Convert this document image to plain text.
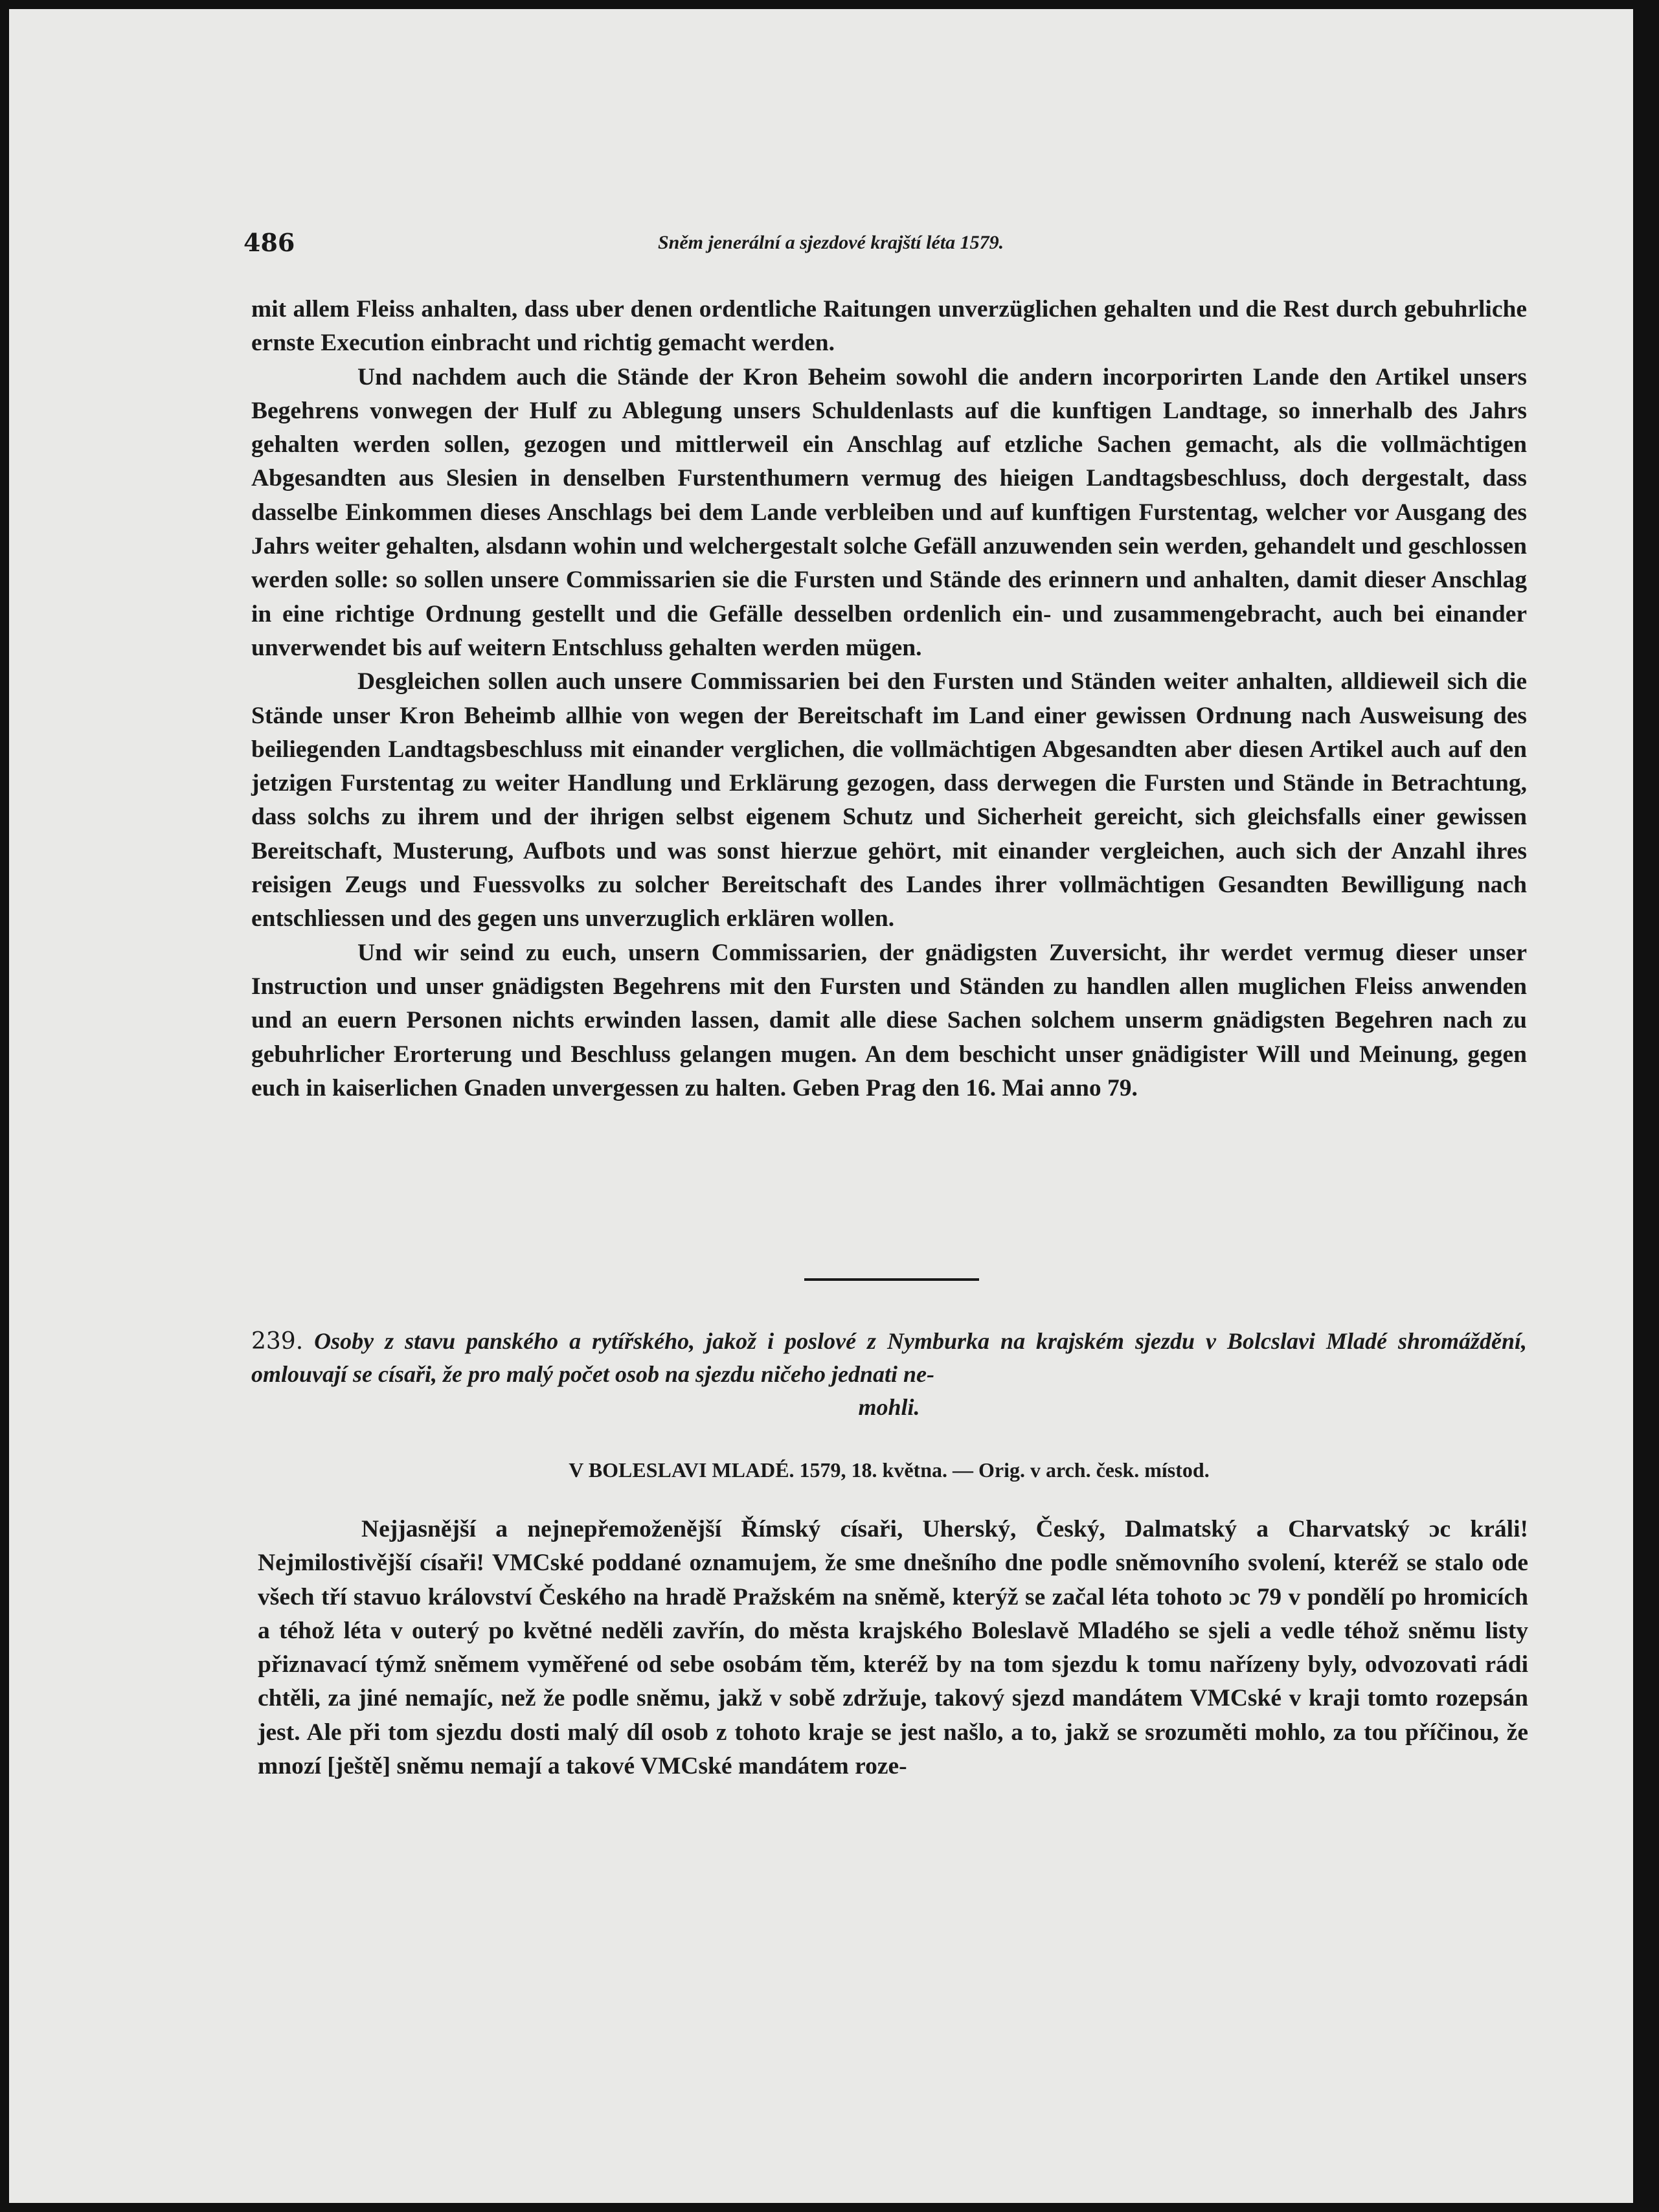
486	Sněm jenerální a sjezdové krajští léta 1579.

mit allem Fleiss anhalten, dass uber denen ordentliche Raitungen unverzüglichen gehalten und die Rest durch gebuhrliche ernste Execution einbracht und richtig gemacht werden.

Und nachdem auch die Stände der Kron Beheim sowohl die andern incorporirten Lande den Artikel unsers Begehrens vonwegen der Hulf zu Ablegung unsers Schuldenlasts auf die kunftigen Landtage, so innerhalb des Jahrs gehalten werden sollen, gezogen und mittlerweil ein Anschlag auf etzliche Sachen gemacht, als die vollmächtigen Abgesandten aus Slesien in denselben Furstenthumern vermug des hieigen Landtagsbeschluss, doch dergestalt, dass dasselbe Einkommen dieses Anschlags bei dem Lande verbleiben und auf kunftigen Furstentag, welcher vor Ausgang des Jahrs weiter gehalten, alsdann wohin und welchergestalt solche Gefäll anzuwenden sein werden, gehandelt und geschlossen werden solle: so sollen unsere Commissarien sie die Fursten und Stände des erinnern und anhalten, damit dieser Anschlag in eine richtige Ordnung gestellt und die Gefälle desselben ordenlich ein- und zusammengebracht, auch bei einander unverwendet bis auf weitern Entschluss gehalten werden mügen.

Desgleichen sollen auch unsere Commissarien bei den Fursten und Ständen weiter anhalten, alldieweil sich die Stände unser Kron Beheimb allhie von wegen der Bereitschaft im Land einer gewissen Ordnung nach Ausweisung des beiliegenden Landtagsbeschluss mit einander verglichen, die vollmächtigen Abgesandten aber diesen Artikel auch auf den jetzigen Furstentag zu weiter Handlung und Erklärung gezogen, dass derwegen die Fursten und Stände in Betrachtung, dass solchs zu ihrem und der ihrigen selbst eigenem Schutz und Sicherheit gereicht, sich gleichsfalls einer gewissen Bereitschaft, Musterung, Aufbots und was sonst hierzue gehört, mit einander vergleichen, auch sich der Anzahl ihres reisigen Zeugs und Fuessvolks zu solcher Bereitschaft des Landes ihrer vollmächtigen Gesandten Bewilligung nach entschliessen und des gegen uns unverzuglich erklären wollen.

Und wir seind zu euch, unsern Commissarien, der gnädigsten Zuversicht, ihr werdet vermug dieser unser Instruction und unser gnädigsten Begehrens mit den Fursten und Ständen zu handlen allen muglichen Fleiss anwenden und an euern Personen nichts erwinden lassen, damit alle diese Sachen solchem unserm gnädigsten Begehren nach zu gebuhrlicher Erorterung und Beschluss gelangen mugen. An dem beschicht unser gnädigister Will und Meinung, gegen euch in kaiserlichen Gnaden unvergessen zu halten. Geben Prag den 16. Mai anno 79.

239. Osoby z stavu panského a rytířského, jakož i poslové z Nymburka na krajském sjezdu v Bolcslavi Mladé shromáždění, omlouvají se císaři, že pro malý počet osob na sjezdu ničeho jednati ne-
mohli.
V BOLESLAVI MLADÉ. 1579, 18. května. — Orig. v arch. česk. místod.

Nejjasnější a nejnepřemoženější Římský císaři, Uherský, Český, Dalmatský a Charvatský ɔc králi! Nejmilostivější císaři! VMCské poddané oznamujem, že sme dnešního dne podle sněmovního svolení, kteréž se stalo ode všech tří stavuo království Českého na hradě Pražském na sněmě, kterýž se začal léta tohoto ɔc 79 v pondělí po hromicích a téhož léta v outerý po květné neděli zavřín, do města krajského Boleslavě Mladého se sjeli a vedle téhož sněmu listy přiznavací týmž sněmem vyměřené od sebe osobám těm, kteréž by na tom sjezdu k tomu nařízeny byly, odvozovati rádi chtěli, za jiné nemajíc, než že podle sněmu, jakž v sobě zdržuje, takový sjezd mandátem VMCské v kraji tomto rozepsán jest. Ale při tom sjezdu dosti malý díl osob z tohoto kraje se jest našlo, a to, jakž se srozuměti mohlo, za tou příčinou, že mnozí [ještě] sněmu nemají a takové VMCské mandátem roze-
